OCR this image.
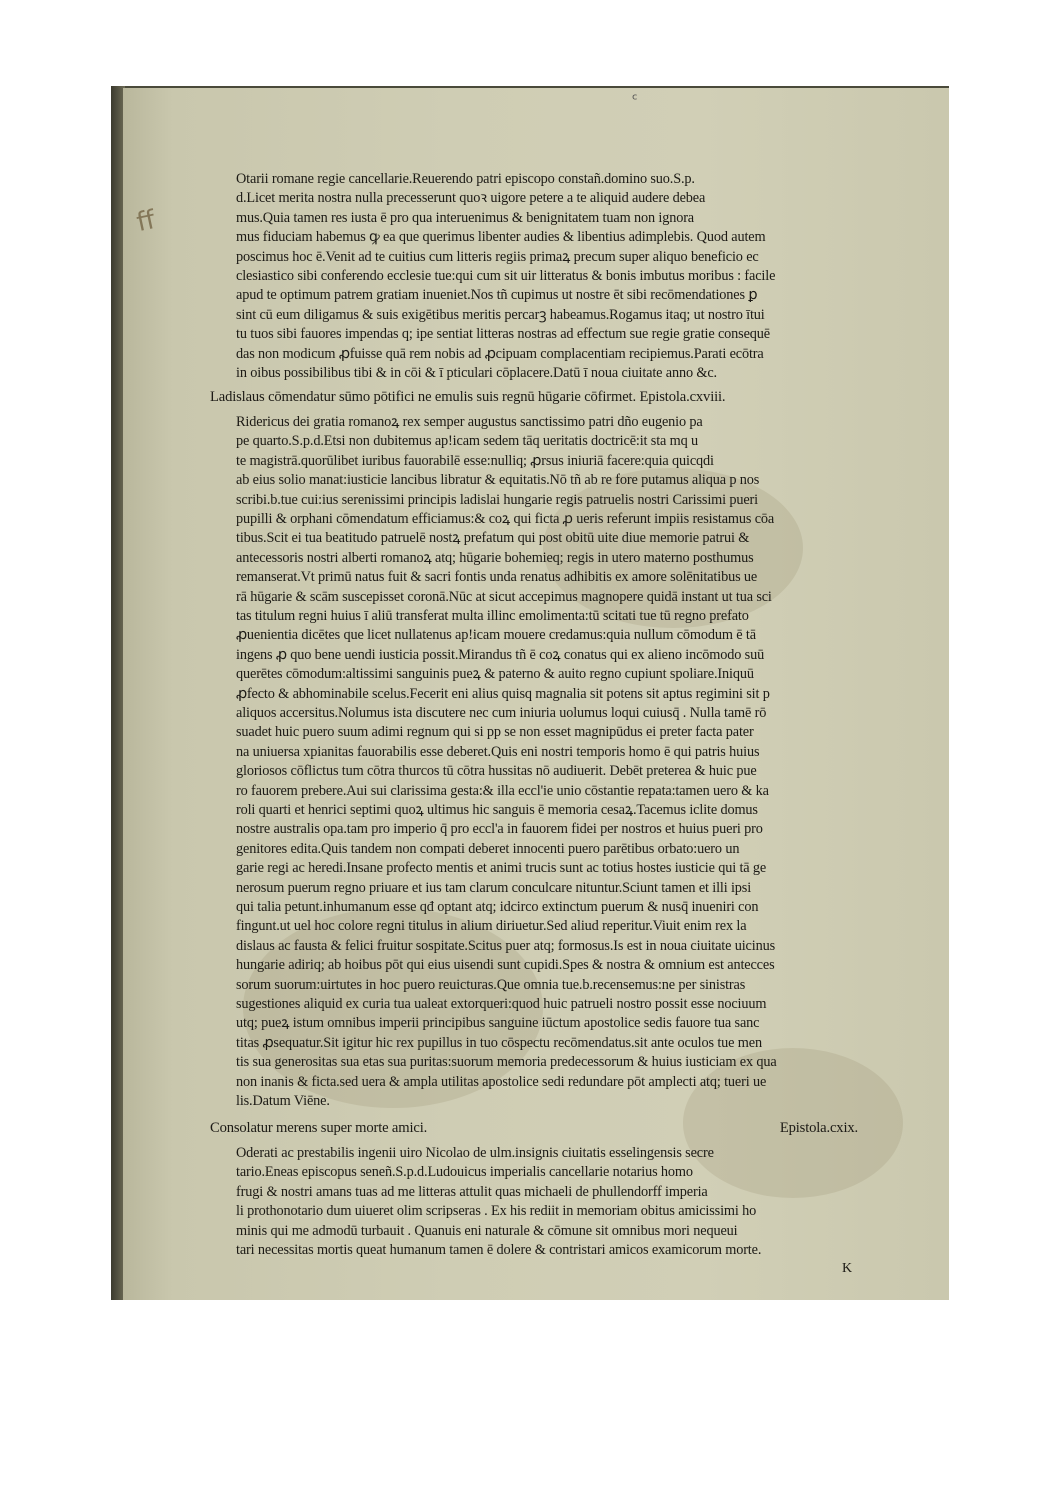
ᶜ
ﬀ
Otarii romane regie cancellarie.Reuerendo patri episcopo constañ.domino suo.S.p.
d.Licet merita nostra nulla precesserunt quoꝛ uigore petere a te aliquid audere debea
mus.Quia tamen res iusta ē pro qua interuenimus & benignitatem tuam non ignora
mus fiduciam habemus ꝙ ea que querimus libenter audies & libentius adimplebis. Quod autem
poscimus hoc ē.Venit ad te cuitius cum litteris regiis primaꝝ precum super aliquo beneficio ec
clesiastico sibi conferendo ecclesie tue:qui cum sit uir litteratus & bonis imbutus moribus : facile
apud te optimum patrem gratiam inueniet.Nos tñ cupimus ut nostre ēt sibi recōmendationes ꝑ
sint cū eum diligamus & suis exigētibus meritis percarꝫ habeamus.Rogamus itaq; ut nostro ītui
tu tuos sibi fauores impendas q; ipe sentiat litteras nostras ad effectum sue regie gratie consequē
das non modicum ꝓfuisse quā rem nobis ad ꝓcipuam complacentiam recipiemus.Parati ecōtra
in oibus possibilibus tibi & in cōi & ī pticulari cōplacere.Datū ī noua ciuitate anno &c.
Ladislaus cōmendatur sūmo pōtifici ne emulis suis regnū hūgarie cōfirmet. Epistola.cxviii.
Ridericus dei gratia romanoꝝ rex semper augustus sanctissimo patri dño eugenio pa
pe quarto.S.p.d.Etsi non dubitemus ap!icam sedem tāq ueritatis doctricē:it sta mq u
te magistrā.quorūlibet iuribus fauorabilē esse:nulliq; ꝓrsus iniuriā facere:quia quicqdi
ab eius solio manat:iusticie lancibus libratur & equitatis.Nō tñ ab re fore putamus aliqua p nos
scribi.b.tue cui:ius serenissimi principis ladislai hungarie regis patruelis nostri Carissimi pueri
pupilli & orphani cōmendatum efficiamus:& coꝝ qui ficta ꝓ ueris referunt impiis resistamus cōa
tibus.Scit ei tua beatitudo patruelē nostꝝ prefatum qui post obitū uite diue memorie patrui &
antecessoris nostri alberti romanoꝝ atq; hūgarie bohemieq; regis in utero materno posthumus
remanserat.Vt primū natus fuit & sacri fontis unda renatus adhibitis ex amore solēnitatibus ue
rā hūgarie & scām suscepisset coronā.Nūc at sicut accepimus magnopere quidā instant ut tua sci
tas titulum regni huius ī aliū transferat multa illinc emolimenta:tū scitati tue tū regno prefato
ꝓuenientia dicētes que licet nullatenus ap!icam mouere credamus:quia nullum cōmodum ē tā
ingens ꝓ quo bene uendi iusticia possit.Mirandus tñ ē coꝝ conatus qui ex alieno incōmodo suū
querētes cōmodum:altissimi sanguinis pueꝝ & paterno & auito regno cupiunt spoliare.Iniquū
ꝓfecto & abhominabile scelus.Fecerit eni alius quisq magnalia sit potens sit aptus regimini sit p
aliquos accersitus.Nolumus ista discutere nec cum iniuria uolumus loqui cuiusq̄ . Nulla tamē rō
suadet huic puero suum adimi regnum qui si pp se non esset magnipūdus ei preter facta pater
na uniuersa xpianitas fauorabilis esse deberet.Quis eni nostri temporis homo ē qui patris huius
gloriosos cōflictus tum cōtra thurcos tū cōtra hussitas nō audiuerit. Debēt preterea & huic pue
ro fauorem prebere.Aui sui clarissima gesta:& illa eccl'ie unio cōstantie repata:tamen uero & ka
roli quarti et henrici septimi quoꝝ ultimus hic sanguis ē memoria cesaꝝ.Tacemus iclite domus
nostre australis opa.tam pro imperio q̄ pro eccl'a in fauorem fidei per nostros et huius pueri pro
genitores edita.Quis tandem non compati deberet innocenti puero parētibus orbato:uero un
garie regi ac heredi.Insane profecto mentis et animi trucis sunt ac totius hostes iusticie qui tā ge
nerosum puerum regno priuare et ius tam clarum conculcare nituntur.Sciunt tamen et illi ipsi
qui talia petunt.inhumanum esse qđ optant atq; idcirco extinctum puerum & nusq̄ inueniri con
fingunt.ut uel hoc colore regni titulus in alium diriuetur.Sed aliud reperitur.Viuit enim rex la
dislaus ac fausta & felici fruitur sospitate.Scitus puer atq; formosus.Is est in noua ciuitate uicinus
hungarie adiriq; ab hoibus pōt qui eius uisendi sunt cupidi.Spes & nostra & omnium est antecces
sorum suorum:uirtutes in hoc puero reuicturas.Que omnia tue.b.recensemus:ne per sinistras
sugestiones aliquid ex curia tua ualeat extorqueri:quod huic patrueli nostro possit esse nociuum
utq; pueꝝ istum omnibus imperii principibus sanguine iūctum apostolice sedis fauore tua sanc
titas ꝓsequatur.Sit igitur hic rex pupillus in tuo cōspectu recōmendatus.sit ante oculos tue men
tis sua generositas sua etas sua puritas:suorum memoria predecessorum & huius iusticiam ex qua
non inanis & ficta.sed uera & ampla utilitas apostolice sedi redundare pōt amplecti atq; tueri ue
lis.Datum Viēne.
Consolatur merens super morte amici.	Epistola.cxix.
Oderati ac prestabilis ingenii uiro Nicolao de ulm.insignis ciuitatis esselingensis secre
tario.Eneas episcopus seneñ.S.p.d.Ludouicus imperialis cancellarie notarius homo
frugi & nostri amans tuas ad me litteras attulit quas michaeli de phullendorff imperia
li prothonotario dum uiueret olim scripseras . Ex his rediit in memoriam obitus amicissimi ho
minis qui me admodū turbauit . Quanuis eni naturale & cōmune sit omnibus mori nequeui
tari necessitas mortis queat humanum tamen ē dolere & contristari amicos examicorum morte.
K
